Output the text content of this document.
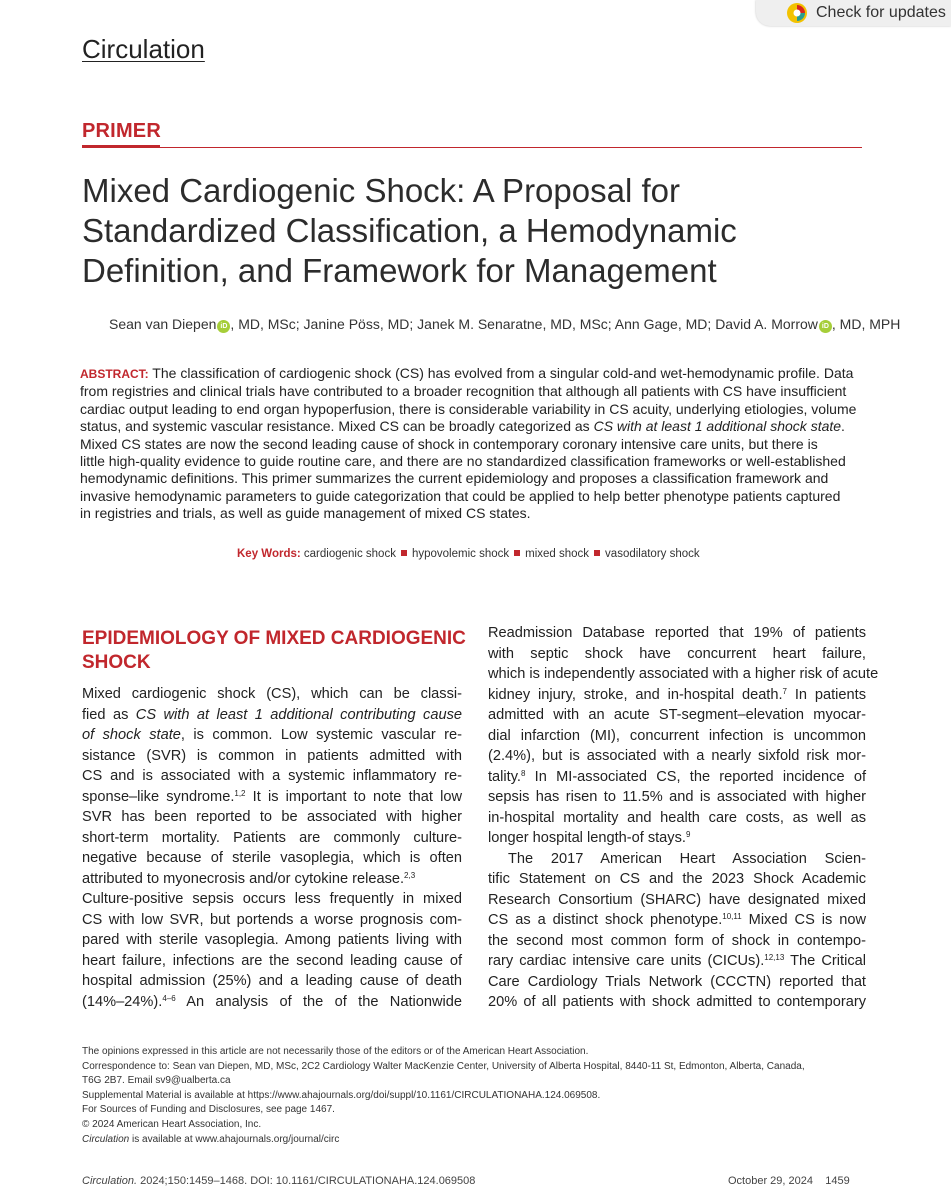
Check for updates
Circulation
PRIMER
Mixed Cardiogenic Shock: A Proposal for
Standardized Classification, a Hemodynamic
Definition, and Framework for Management
Sean van Diepen iD , MD, MSc; Janine Pöss, MD; Janek M. Senaratne, MD, MSc; Ann Gage, MD; David A. Morrow iD , MD, MPH
ABSTRACT: The classification of cardiogenic shock (CS) has evolved from a singular cold-and wet-hemodynamic profile. Data
from registries and clinical trials have contributed to a broader recognition that although all patients with CS have insufficient
cardiac output leading to end organ hypoperfusion, there is considerable variability in CS acuity, underlying etiologies, volume
status, and systemic vascular resistance. Mixed CS can be broadly categorized as CS with at least 1 additional shock state.
Mixed CS states are now the second leading cause of shock in contemporary coronary intensive care units, but there is
little high-quality evidence to guide routine care, and there are no standardized classification frameworks or well-established
hemodynamic definitions. This primer summarizes the current epidemiology and proposes a classification framework and
invasive hemodynamic parameters to guide categorization that could be applied to help better phenotype patients captured
in registries and trials, as well as guide management of mixed CS states.
Key Words: cardiogenic shock hypovolemic shock mixed shock vasodilatory shock
EPIDEMIOLOGY OF MIXED CARDIOGENIC
SHOCK
Mixed cardiogenic shock (CS), which can be classi-
fied as CS with at least 1 additional contributing cause
of shock state, is common. Low systemic vascular re-
sistance (SVR) is common in patients admitted with
CS and is associated with a systemic inflammatory re-
sponse–like syndrome.$^{1,2}$ It is important to note that low
SVR has been reported to be associated with higher
short-term mortality. Patients are commonly culture-
negative because of sterile vasoplegia, which is often
attributed to myonecrosis and/or cytokine release.$^{2,3}$
Culture-positive sepsis occurs less frequently in mixed
CS with low SVR, but portends a worse prognosis com-
pared with sterile vasoplegia. Among patients living with
heart failure, infections are the second leading cause of
hospital admission (25%) and a leading cause of death
(14%–24%).$^{4-6}$ An analysis of the of the Nationwide
Readmission Database reported that 19% of patients
with septic shock have concurrent heart failure,
which is independently associated with a higher risk of acute
kidney injury, stroke, and in-hospital death.$^7$ In patients
admitted with an acute ST-segment–elevation myocar-
dial infarction (MI), concurrent infection is uncommon
(2.4%), but is associated with a nearly sixfold risk mor-
tality.$^8$ In MI-associated CS, the reported incidence of
sepsis has risen to 11.5% and is associated with higher
in-hospital mortality and health care costs, as well as
longer hospital length-of stays.$^9$
The 2017 American Heart Association Scien-
tific Statement on CS and the 2023 Shock Academic
Research Consortium (SHARC) have designated mixed
CS as a distinct shock phenotype.$^{10,11}$ Mixed CS is now
the second most common form of shock in contempo-
rary cardiac intensive care units (CICUs).$^{12,13}$ The Critical
Care Cardiology Trials Network (CCCTN) reported that
20% of all patients with shock admitted to contemporary
The opinions expressed in this article are not necessarily those of the editors or of the American Heart Association.
Correspondence to: Sean van Diepen, MD, MSc, 2C2 Cardiology Walter MacKenzie Center, University of Alberta Hospital, 8440-11 St, Edmonton, Alberta, Canada,
T6G 2B7. Email sv9@ualberta.ca
Supplemental Material is available at https://www.ahajournals.org/doi/suppl/10.1161/CIRCULATIONAHA.124.069508.
For Sources of Funding and Disclosures, see page 1467.
© 2024 American Heart Association, Inc.
Circulation is available at www.ahajournals.org/journal/circ
Circulation. 2024;150:1459–1468. DOI: 10.1161/CIRCULATIONAHA.124.069508	October 29, 2024 1459
